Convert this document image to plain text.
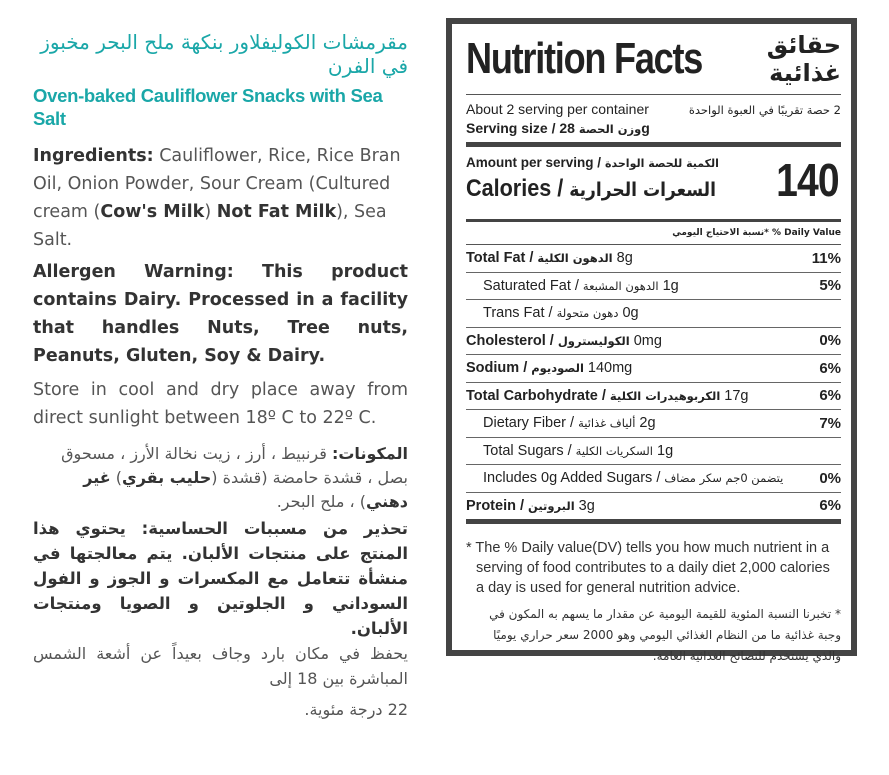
مقرمشات الكوليفلاور بنكهة ملح البحر مخبوز في الفرن
Oven-baked Cauliflower Snacks with Sea Salt

Ingredients: Cauliflower, Rice, Rice Bran Oil, Onion Powder, Sour Cream (Cultured cream (Cow's Milk) Not Fat Milk), Sea Salt.

Allergen Warning: This product contains Dairy. Processed in a facility that handles Nuts, Tree nuts, Peanuts, Gluten, Soy & Dairy.

Store in cool and dry place away from direct sunlight between 18º C to 22º C.

المكونات: قرنبيط ، أرز ، زيت نخالة الأرز ، مسحوق بصل ، قشدة حامضة (قشدة (حليب بقري) غير دهني) ، ملح البحر.

تحذير من مسببات الحساسية: يحتوي هذا المنتج على منتجات الألبان. يتم معالجتها في منشأة تتعامل مع المكسرات و الجوز و الفول السوداني و الجلوتين و الصويا ومنتجات الألبان.

يحفظ في مكان بارد وجاف بعيداً عن أشعة الشمس المباشرة بين 18 إلى

22 درجة مئوية.

Nutrition Facts	حقائق غذائية
About 2 serving per container	2 حصة تقريبًا في العبوة الواحدة
Serving size / وزن الحصة 28g
Amount per serving / الكمية للحصة الواحدة
Calories / السعرات الحرارية 140
نسبة الاحتياج اليومي* % Daily Value
Total Fat / الدهون الكلية 8g	11%
Saturated Fat / الدهون المشبعة 1g	5%
Trans Fat / دهون متحولة 0g
Cholesterol / الكوليسترول 0mg	0%
Sodium / الصوديوم 140mg	6%
Total Carbohydrate / الكربوهيدرات الكلية 17g	6%
Dietary Fiber / ألياف غذائية 2g	7%
Total Sugars / السكريات الكلية 1g
Includes 0g Added Sugars / يتضمن 0جم سكر مضاف 0%
Protein / البروتين 3g	6%
* The % Daily value(DV) tells you how much nutrient in a serving of food contributes to a daily diet 2,000 calories a day is used for general nutrition advice.
* تخبرنا النسبة المئوية للقيمة اليومية عن مقدار ما يسهم به المكون في وجبة غذائية ما من النظام الغذائي اليومي وهو 2000 سعر حراري يوميًا والذي يستخدم للنصائح الغذائية العامة.
